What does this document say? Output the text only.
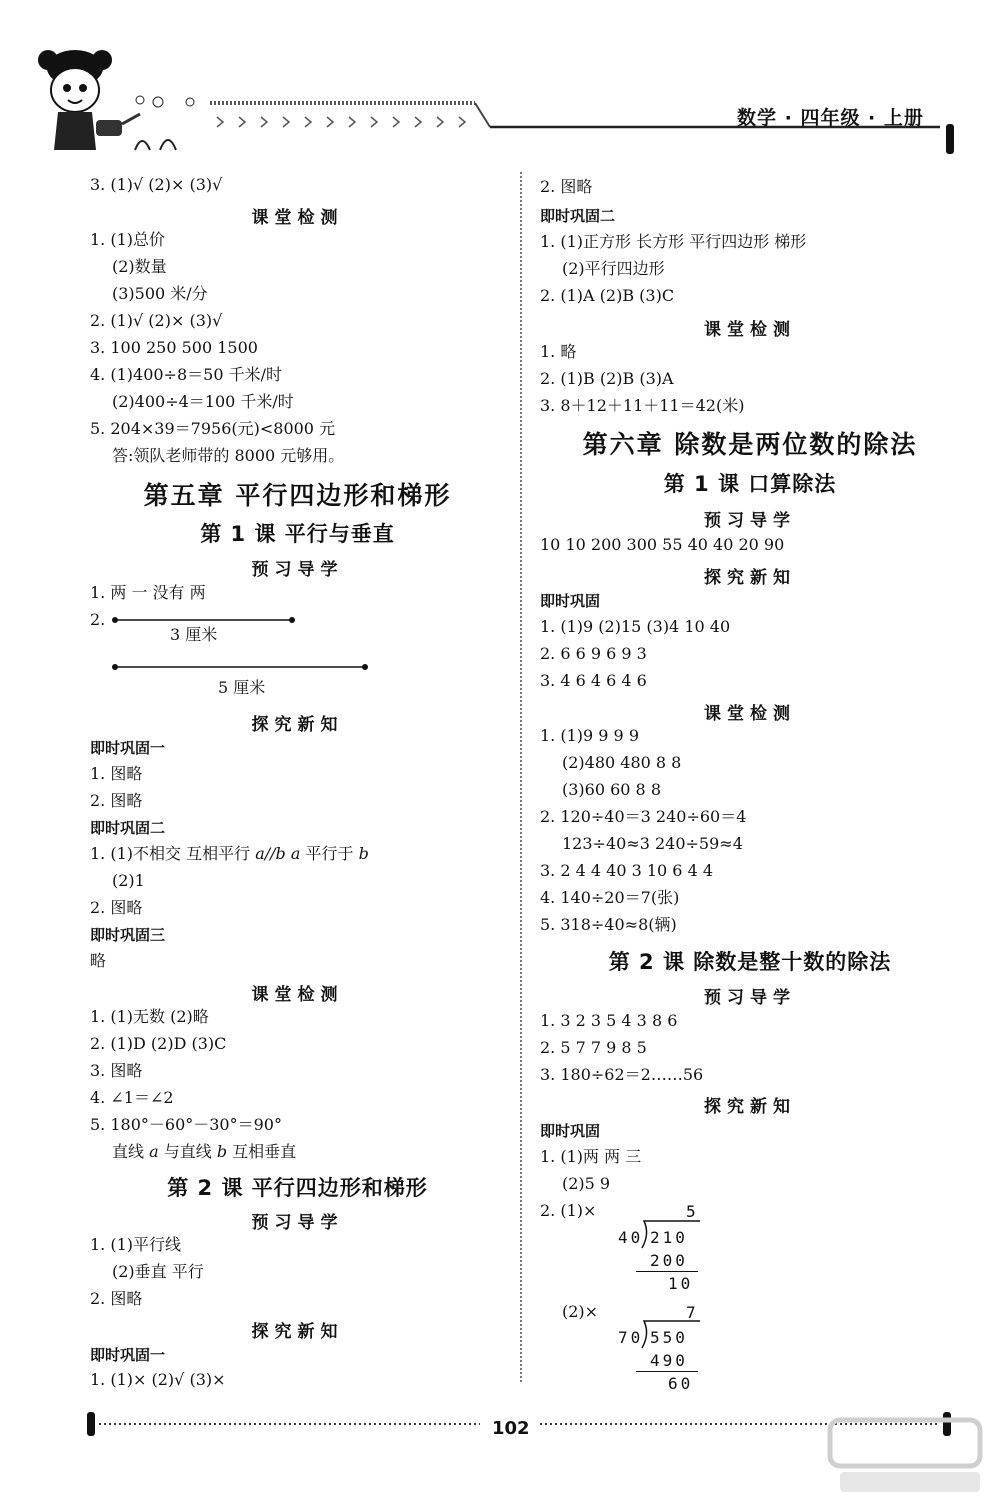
数学 · 四年级 · 上册
3. (1)√ (2)× (3)√
课堂检测
1. (1)总价
(2)数量
(3)500 米/分
2. (1)√ (2)× (3)√
3. 100 250 500 1500
4. (1)400÷8＝50 千米/时
(2)400÷4＝100 千米/时
5. 204×39＝7956(元)<8000 元
答:领队老师带的 8000 元够用。
第五章 平行四边形和梯形
第 1 课 平行与垂直
预习导学
1. 两 一 没有 两
2.
3 厘米
5 厘米
探究新知
即时巩固一
1. 图略
2. 图略
即时巩固二
1. (1)不相交 互相平行 a//b a 平行于 b
(2)1
2. 图略
即时巩固三
略
课堂检测
1. (1)无数 (2)略
2. (1)D (2)D (3)C
3. 图略
4. ∠1＝∠2
5. 180°－60°－30°＝90°
直线 a 与直线 b 互相垂直
第 2 课 平行四边形和梯形
预习导学
1. (1)平行线
(2)垂直 平行
2. 图略
探究新知
即时巩固一
1. (1)× (2)√ (3)×
2. 图略
即时巩固二
1. (1)正方形 长方形 平行四边形 梯形
(2)平行四边形
2. (1)A (2)B (3)C
课堂检测
1. 略
2. (1)B (2)B (3)A
3. 8＋12＋11＋11＝42(米)
第六章 除数是两位数的除法
第 1 课 口算除法
预习导学
10 10 200 300 55 40 40 20 90
探究新知
即时巩固
1. (1)9 (2)15 (3)4 10 40
2. 6 6 9 6 9 3
3. 4 6 4 6 4 6
课堂检测
1. (1)9 9 9 9
(2)480 480 8 8
(3)60 60 8 8
2. 120÷40＝3 240÷60＝4
123÷40≈3 240÷59≈4
3. 2 4 4 40 3 10 6 4 4
4. 140÷20＝7(张)
5. 318÷40≈8(辆)
第 2 课 除数是整十数的除法
预习导学
1. 3 2 3 5 4 3 8 6
2. 5 7 7 9 8 5
3. 180÷62＝2……56
探究新知
即时巩固
1. (1)两 两 三
(2)5 9
2. (1)×	5
40 210
200
10
(2)×	7
70 550
490
60
102
